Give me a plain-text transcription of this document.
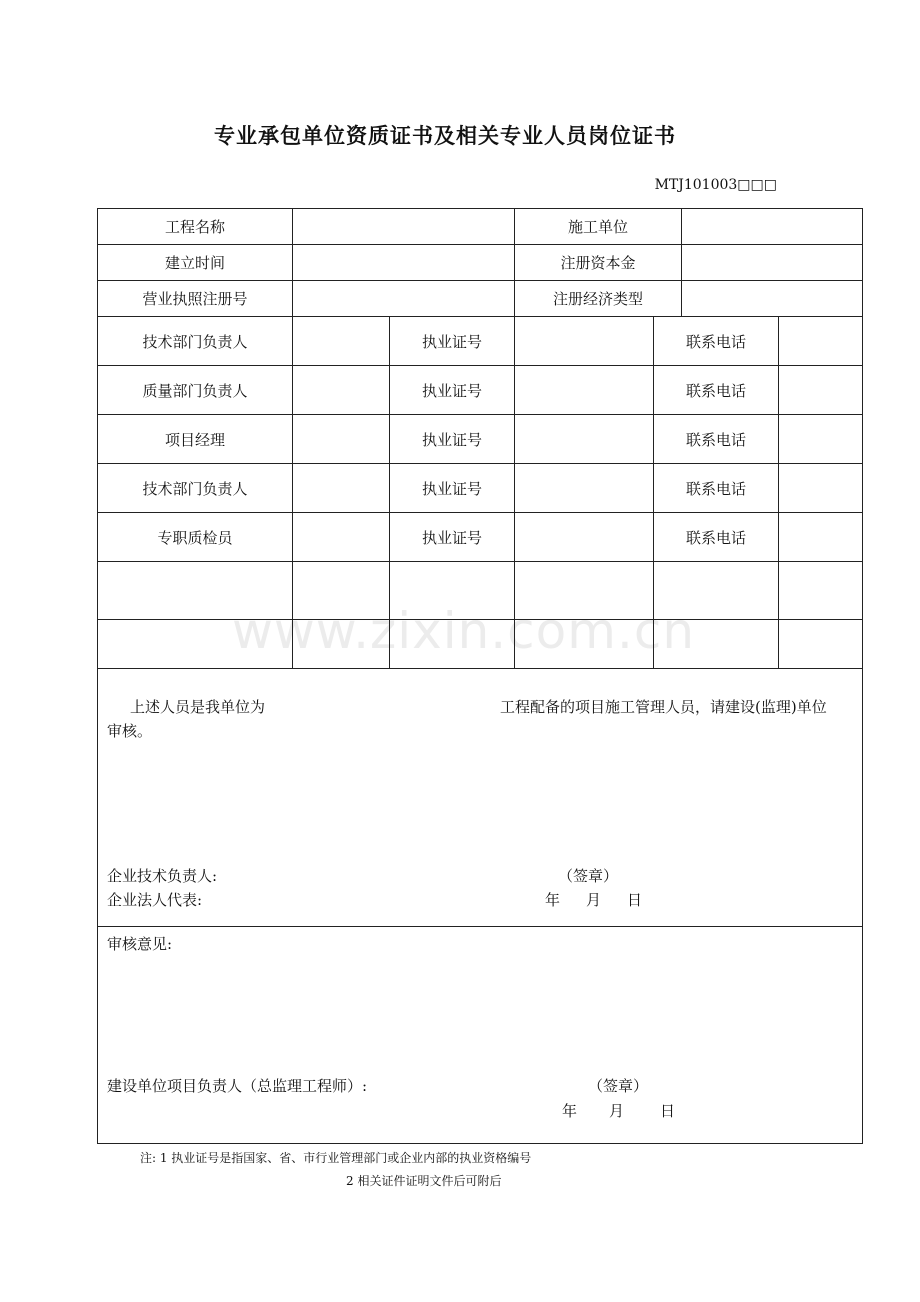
www.zixin.com.cn
专业承包单位资质证书及相关专业人员岗位证书
MTJ101003□□□
工程名称	施工单位
建立时间	注册资本金
营业执照注册号	注册经济类型
技术部门负责人	执业证号	联系电话
质量部门负责人	执业证号	联系电话
项目经理	执业证号	联系电话
技术部门负责人	执业证号	联系电话
专职质检员	执业证号	联系电话
上述人员是我单位为	工程配备的项目施工管理人员，请建设(监理)单位
审核。
企业技术负责人:	（签章）
企业法人代表:	年 月 日
审核意见:
建设单位项目负责人（总监理工程师）:	（签章）
年 月 日
注: 1 执业证号是指国家、省、市行业管理部门或企业内部的执业资格编号
2 相关证件证明文件后可附后
